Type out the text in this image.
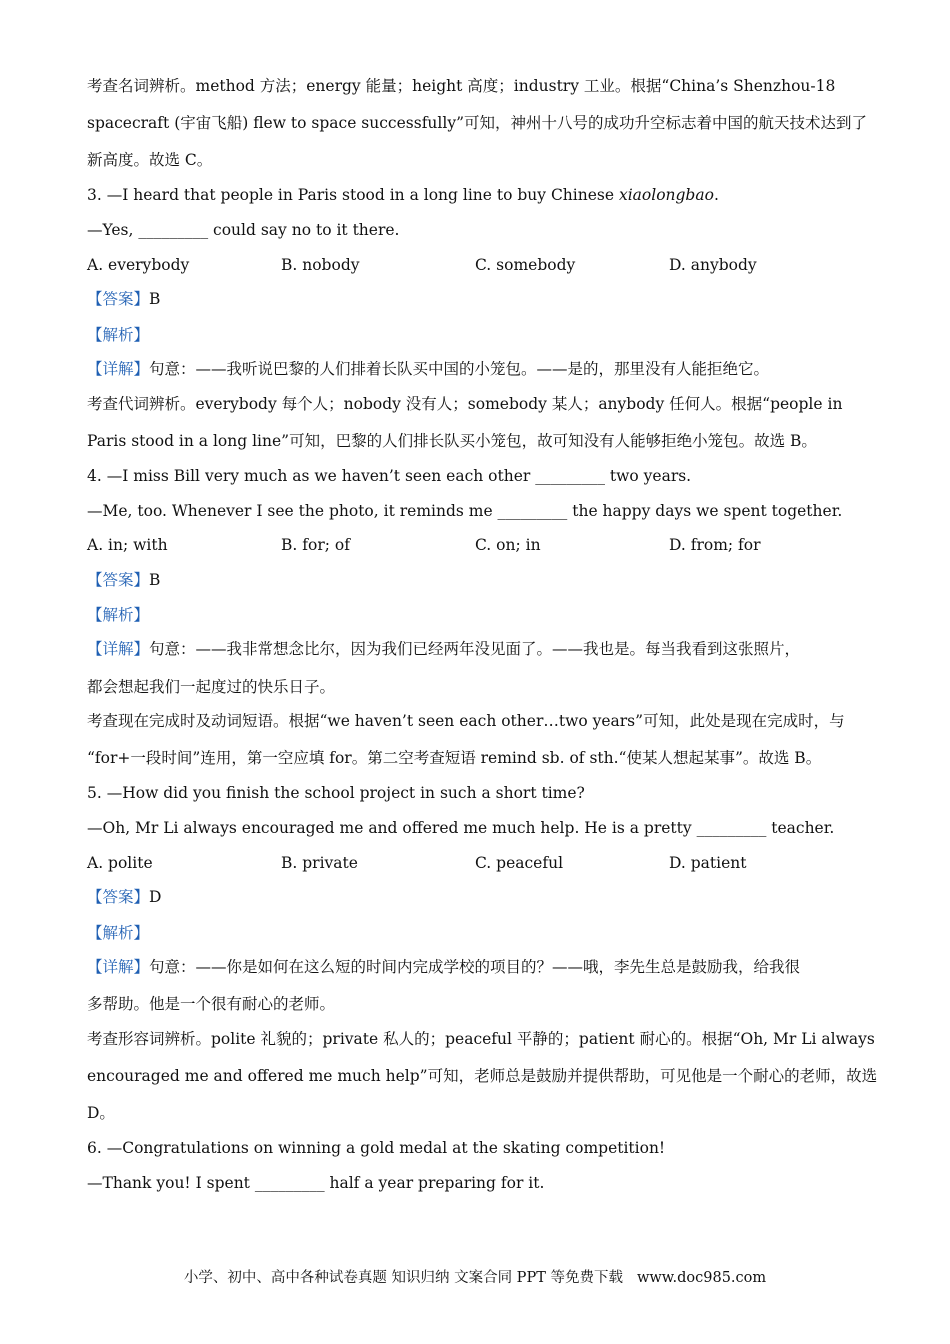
考查名词辨析。method 方法；energy 能量；height 高度；industry 工业。根据“China’s Shenzhou-18
spacecraft (宇宙飞船) flew to space successfully”可知，神州十八号的成功升空标志着中国的航天技术达到了
新高度。故选 C。
3. —I heard that people in Paris stood in a long line to buy Chinese xiaolongbao.
—Yes, _________ could say no to it there.
A. everybody	B. nobody	C. somebody	D. anybody
【答案】B
【解析】
【详解】句意：——我听说巴黎的人们排着长队买中国的小笼包。——是的，那里没有人能拒绝它。
考查代词辨析。everybody 每个人；nobody 没有人；somebody 某人；anybody 任何人。根据“people in
Paris stood in a long line”可知，巴黎的人们排长队买小笼包，故可知没有人能够拒绝小笼包。故选 B。
4. —I miss Bill very much as we haven’t seen each other _________ two years.
—Me, too. Whenever I see the photo, it reminds me _________ the happy days we spent together.
A. in; with	B. for; of	C. on; in	D. from; for
【答案】B
【解析】
【详解】句意：——我非常想念比尔，因为我们已经两年没见面了。——我也是。每当我看到这张照片，
都会想起我们一起度过的快乐日子。
考查现在完成时及动词短语。根据“we haven’t seen each other…two years”可知，此处是现在完成时，与
“for+一段时间”连用，第一空应填 for。第二空考查短语 remind sb. of sth.“使某人想起某事”。故选 B。
5. —How did you finish the school project in such a short time?
—Oh, Mr Li always encouraged me and offered me much help. He is a pretty _________ teacher.
A. polite	B. private	C. peaceful	D. patient
【答案】D
【解析】
【详解】句意：——你是如何在这么短的时间内完成学校的项目的？——哦，李先生总是鼓励我，给我很
多帮助。他是一个很有耐心的老师。
考查形容词辨析。polite 礼貌的；private 私人的；peaceful 平静的；patient 耐心的。根据“Oh, Mr Li always
encouraged me and offered me much help”可知，老师总是鼓励并提供帮助，可见他是一个耐心的老师，故选
D。
6. —Congratulations on winning a gold medal at the skating competition!
—Thank you! I spent _________ half a year preparing for it.
小学、初中、高中各种试卷真题 知识归纳 文案合同 PPT 等免费下载 www.doc985.com
